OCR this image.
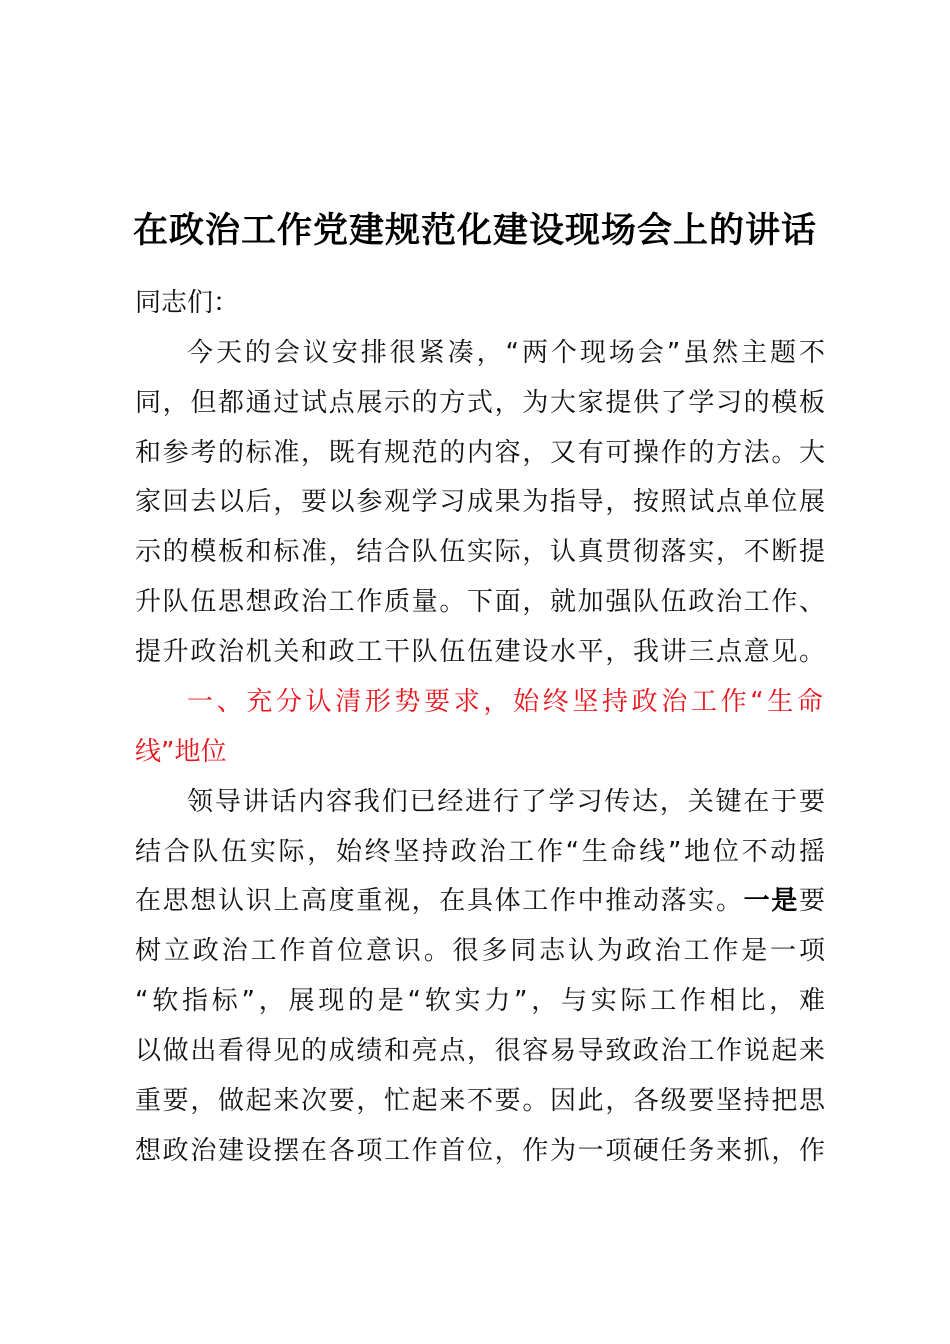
在政治工作党建规范化建设现场会上的讲话
同志们：
今天的会议安排很紧凑，“两个现场会”虽然主题不
同，但都通过试点展示的方式，为大家提供了学习的模板
和参考的标准，既有规范的内容，又有可操作的方法。大
家回去以后，要以参观学习成果为指导，按照试点单位展
示的模板和标准，结合队伍实际，认真贯彻落实，不断提
升队伍思想政治工作质量。下面，就加强队伍政治工作、
提升政治机关和政工干队伍伍建设水平，我讲三点意见。
一、充分认清形势要求，始终坚持政治工作“生命
线”地位
领导讲话内容我们已经进行了学习传达，关键在于要
结合队伍实际，始终坚持政治工作“生命线”地位不动摇
在思想认识上高度重视，在具体工作中推动落实。一是要
树立政治工作首位意识。很多同志认为政治工作是一项
“软指标”，展现的是“软实力”，与实际工作相比，难
以做出看得见的成绩和亮点，很容易导致政治工作说起来
重要，做起来次要，忙起来不要。因此，各级要坚持把思
想政治建设摆在各项工作首位，作为一项硬任务来抓，作
